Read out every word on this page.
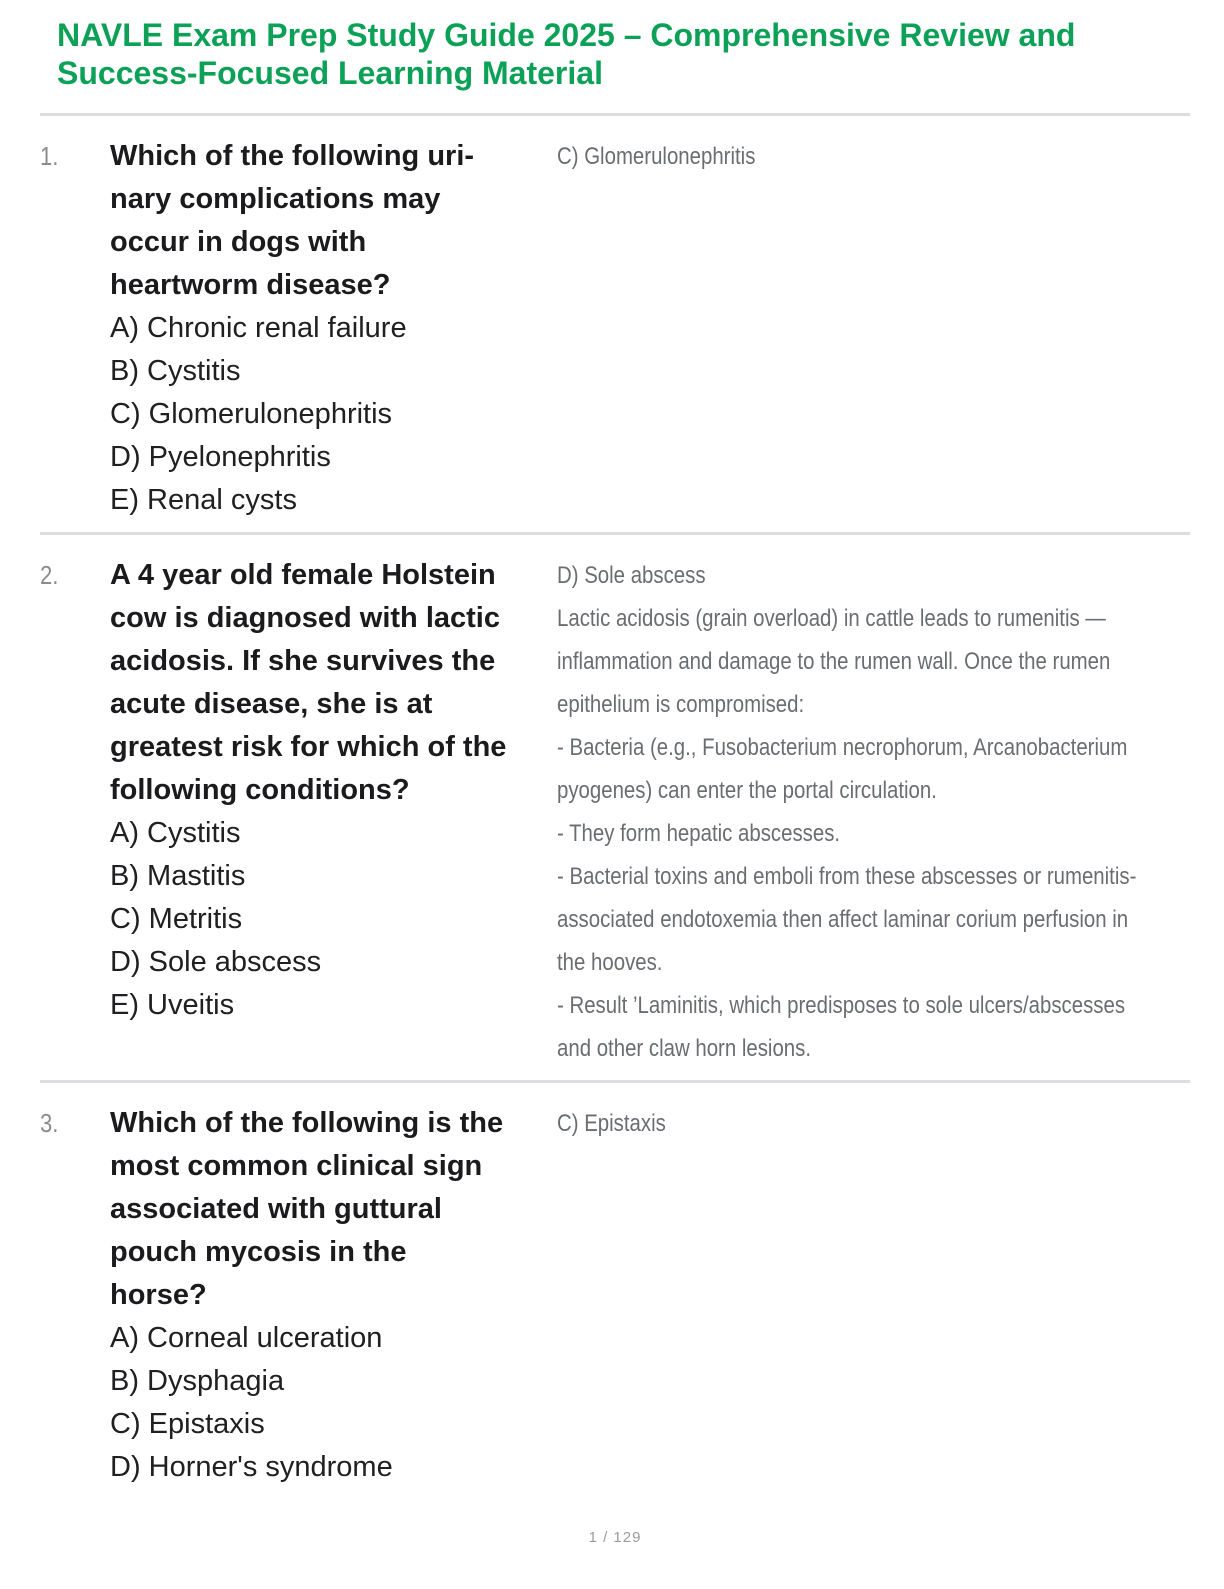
NAVLE Exam Prep Study Guide 2025 – Comprehensive Review and
Success-Focused Learning Material
1.	Which of the following urinary complications may occur in dogs with heartworm disease?

A) Chronic renal failure
B) Cystitis
C) Glomerulonephritis
D) Pyelonephritis
E) Renal cysts
C) Glomerulonephritis
2.	A 4 year old female Holstein cow is diagnosed with lactic acidosis. If she survives the acute disease, she is at greatest risk for which of the following conditions?

A) Cystitis
B) Mastitis
C) Metritis
D) Sole abscess
E) Uveitis
D) Sole abscess
Lactic acidosis (grain overload) in cattle leads to rumenitis — inflammation and damage to the rumen wall. Once the rumen epithelium is compromised:
- Bacteria (e.g., Fusobacterium necrophorum, Arcanobacterium pyogenes) can enter the portal circulation.
- They form hepatic abscesses.
- Bacterial toxins and emboli from these abscesses or rumenitis-associated endotoxemia then affect laminar corium perfusion in the hooves.
- Result ’Laminitis, which predisposes to sole ulcers/abscesses and other claw horn lesions.
3.	Which of the following is the most common clinical sign associated with guttural pouch mycosis in the horse?

A) Corneal ulceration
B) Dysphagia
C) Epistaxis
D) Horner's syndrome
C) Epistaxis
1 / 129
